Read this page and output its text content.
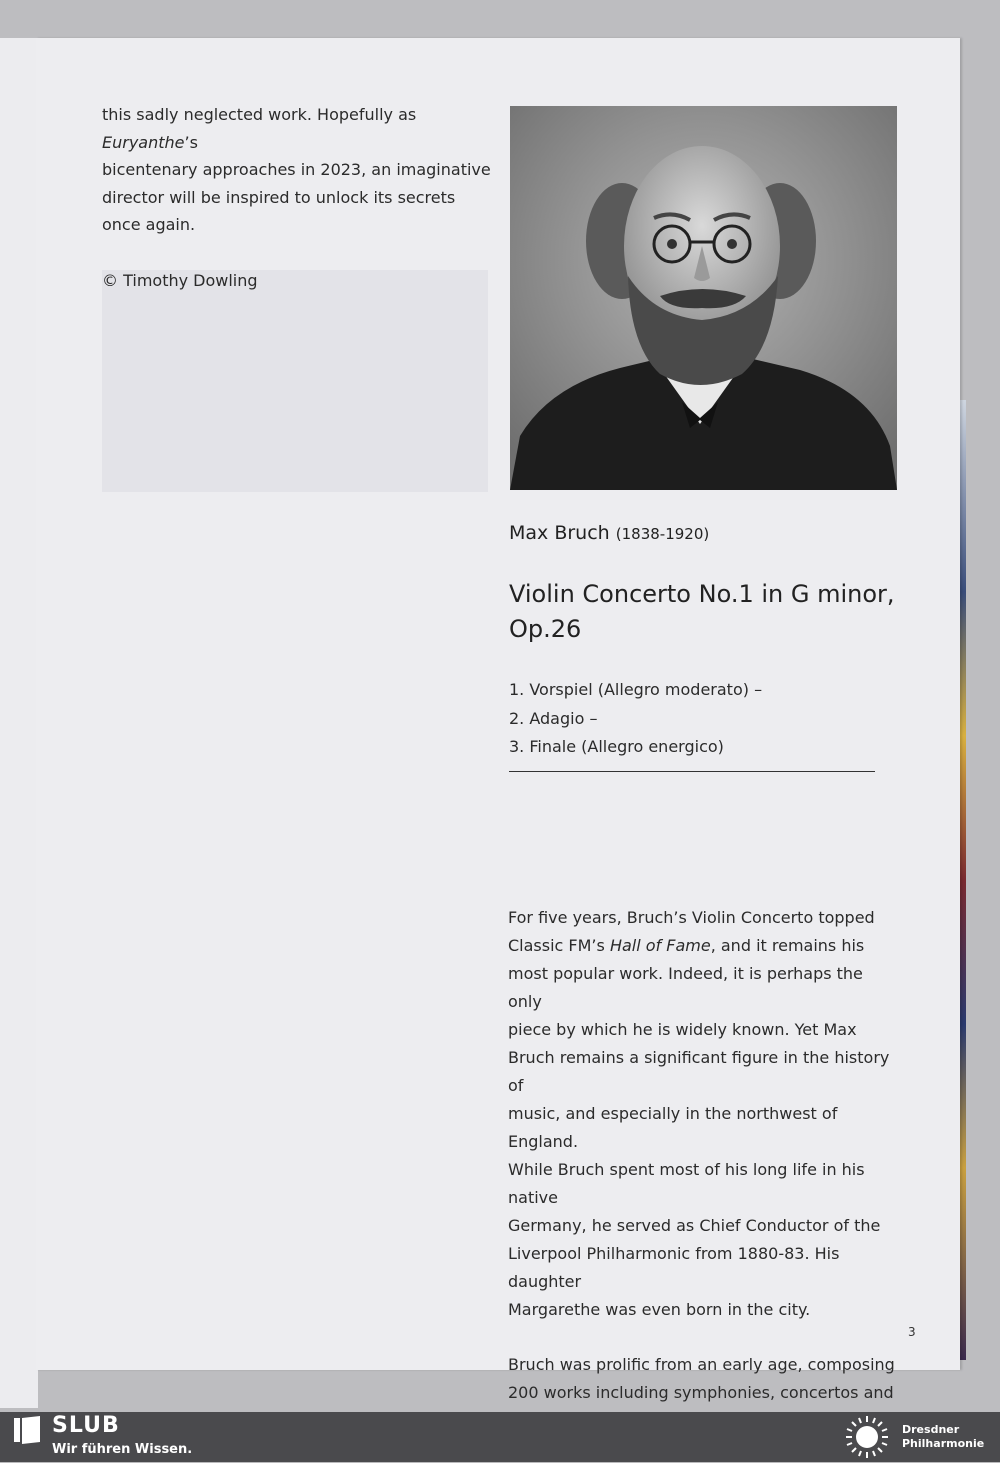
this sadly neglected work. Hopefully as Euryanthe’s
bicentenary approaches in 2023, an imaginative
director will be inspired to unlock its secrets
once again.

© Timothy Dowling

Max Bruch (1838-1920)
Violin Concerto No.1 in G minor,
Op.26
1. Vorspiel (Allegro moderato) –
2. Adagio –
3. Finale (Allegro energico)

For five years, Bruch’s Violin Concerto topped
Classic FM’s Hall of Fame, and it remains his
most popular work. Indeed, it is perhaps the only
piece by which he is widely known. Yet Max
Bruch remains a significant figure in the history of
music, and especially in the northwest of England.
While Bruch spent most of his long life in his native
Germany, he served as Chief Conductor of the
Liverpool Philharmonic from 1880-83. His daughter
Margarethe was even born in the city.

Bruch was prolific from an early age, composing
200 works including symphonies, concertos and

3
SLUB
Wir führen Wissen.
Dresdner
Philharmonie
